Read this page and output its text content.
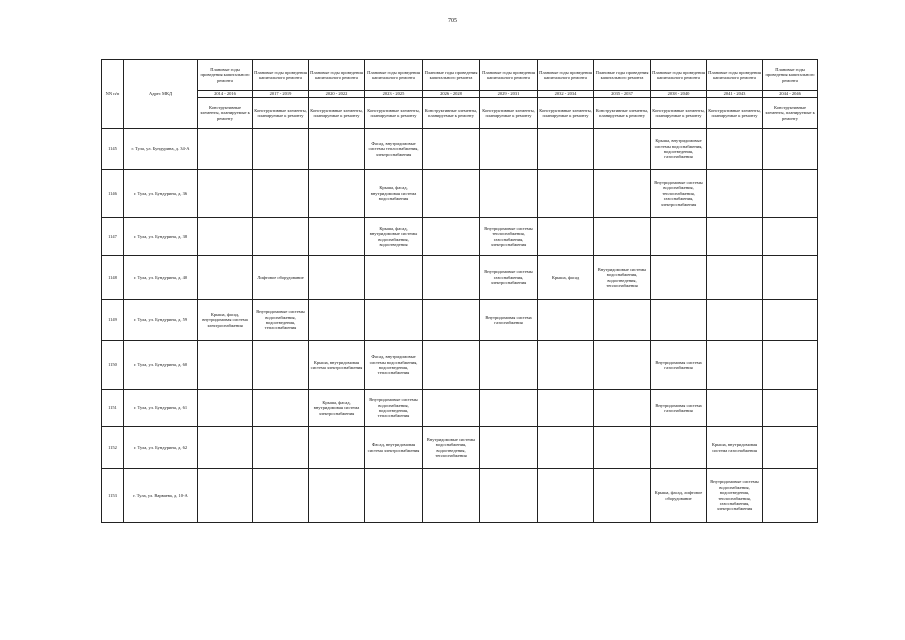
705
NN п/п	Адрес МКД	Плановые годы проведения капитального ремонта	Плановые годы проведения капитального ремонта	Плановые годы проведения капитального ремонта	Плановые годы проведения капитального ремонта	Плановые годы проведения капитального ремонта	Плановые годы проведения капитального ремонта	Плановые годы проведения капитального ремонта	Плановые годы проведения капитального ремонта	Плановые годы проведения капитального ремонта	Плановые годы проведения капитального ремонта	Плановые годы проведения капитального ремонта
		2014 - 2016	2017 - 2019	2020 - 2022	2023 - 2025	2026 - 2028	2029 - 2031	2032 - 2034	2035 - 2037	2038 - 2040	2041 - 2043	2044 - 2046
		Конструктивные элементы, планируемые к ремонту	Конструктивные элементы, планируемые к ремонту	Конструктивные элементы, планируемые к ремонту	Конструктивные элементы, планируемые к ремонту	Конструктивные элементы, планируемые к ремонту	Конструктивные элементы, планируемые к ремонту	Конструктивные элементы, планируемые к ремонту	Конструктивные элементы, планируемые к ремонту	Конструктивные элементы, планируемые к ремонту	Конструктивные элементы, планируемые к ремонту	Конструктивные элементы, планируемые к ремонту
1145	г. Тула, ул. Бундурина, д. 34-А				Фасад, внутридомовые системы теплоснабжения, электроснабжения					Крыша, внутридомовые системы водоснабжения, водоотведения, газоснабжения		
1146	г. Тула, ул. Бундурина, д. 36				Крыша, фасад, внутридомовая система водоснабжения					Внутридомовые системы водоснабжения, теплоснабжения, газоснабжения, электроснабжения		
1147	г. Тула, ул. Бундурина, д. 38				Крыша, фасад, внутридомовые системы водоснабжения, водоотведения		Внутридомовые системы теплоснабжения, газоснабжения, электроснабжения					
1148	г. Тула, ул. Бундурина, д. 40		Лифтовое оборудование				Внутридомовые системы газоснабжения, электроснабжения	Крыша, фасад	Внутридомовые системы водоснабжения, водоотведения, теплоснабжения			
1149	г. Тула, ул. Бундурина, д. 59	Крыша, фасад, внутридомовая система электроснабжения	Внутридомовые системы водоснабжения, водоотведения, теплоснабжения				Внутридомовая система газоснабжения					
1150	г. Тула, ул. Бундурина, д. 60			Крыша, внутридомовая система электроснабжения	Фасад, внутридомовые системы водоснабжения, водоотведения, теплоснабжения					Внутридомовая система газоснабжения		
1151	г. Тула, ул. Бундурина, д. 61			Крыша, фасад, внутридомовая система электроснабжения	Внутридомовые системы водоснабжения, водоотведения, теплоснабжения					Внутридомовая система газоснабжения		
1152	г. Тула, ул. Бундурина, д. 62				Фасад, внутридомовая система электроснабжения	Внутридомовые системы водоснабжения, водоотведения, теплоснабжения					Крыша, внутридомовая система газоснабжения	
1153	г. Тула, ул. Варваева, д. 10-А									Крыша, фасад, лифтовое оборудование	Внутридомовые системы водоснабжения, водоотведения, теплоснабжения, газоснабжения, электроснабжения	
